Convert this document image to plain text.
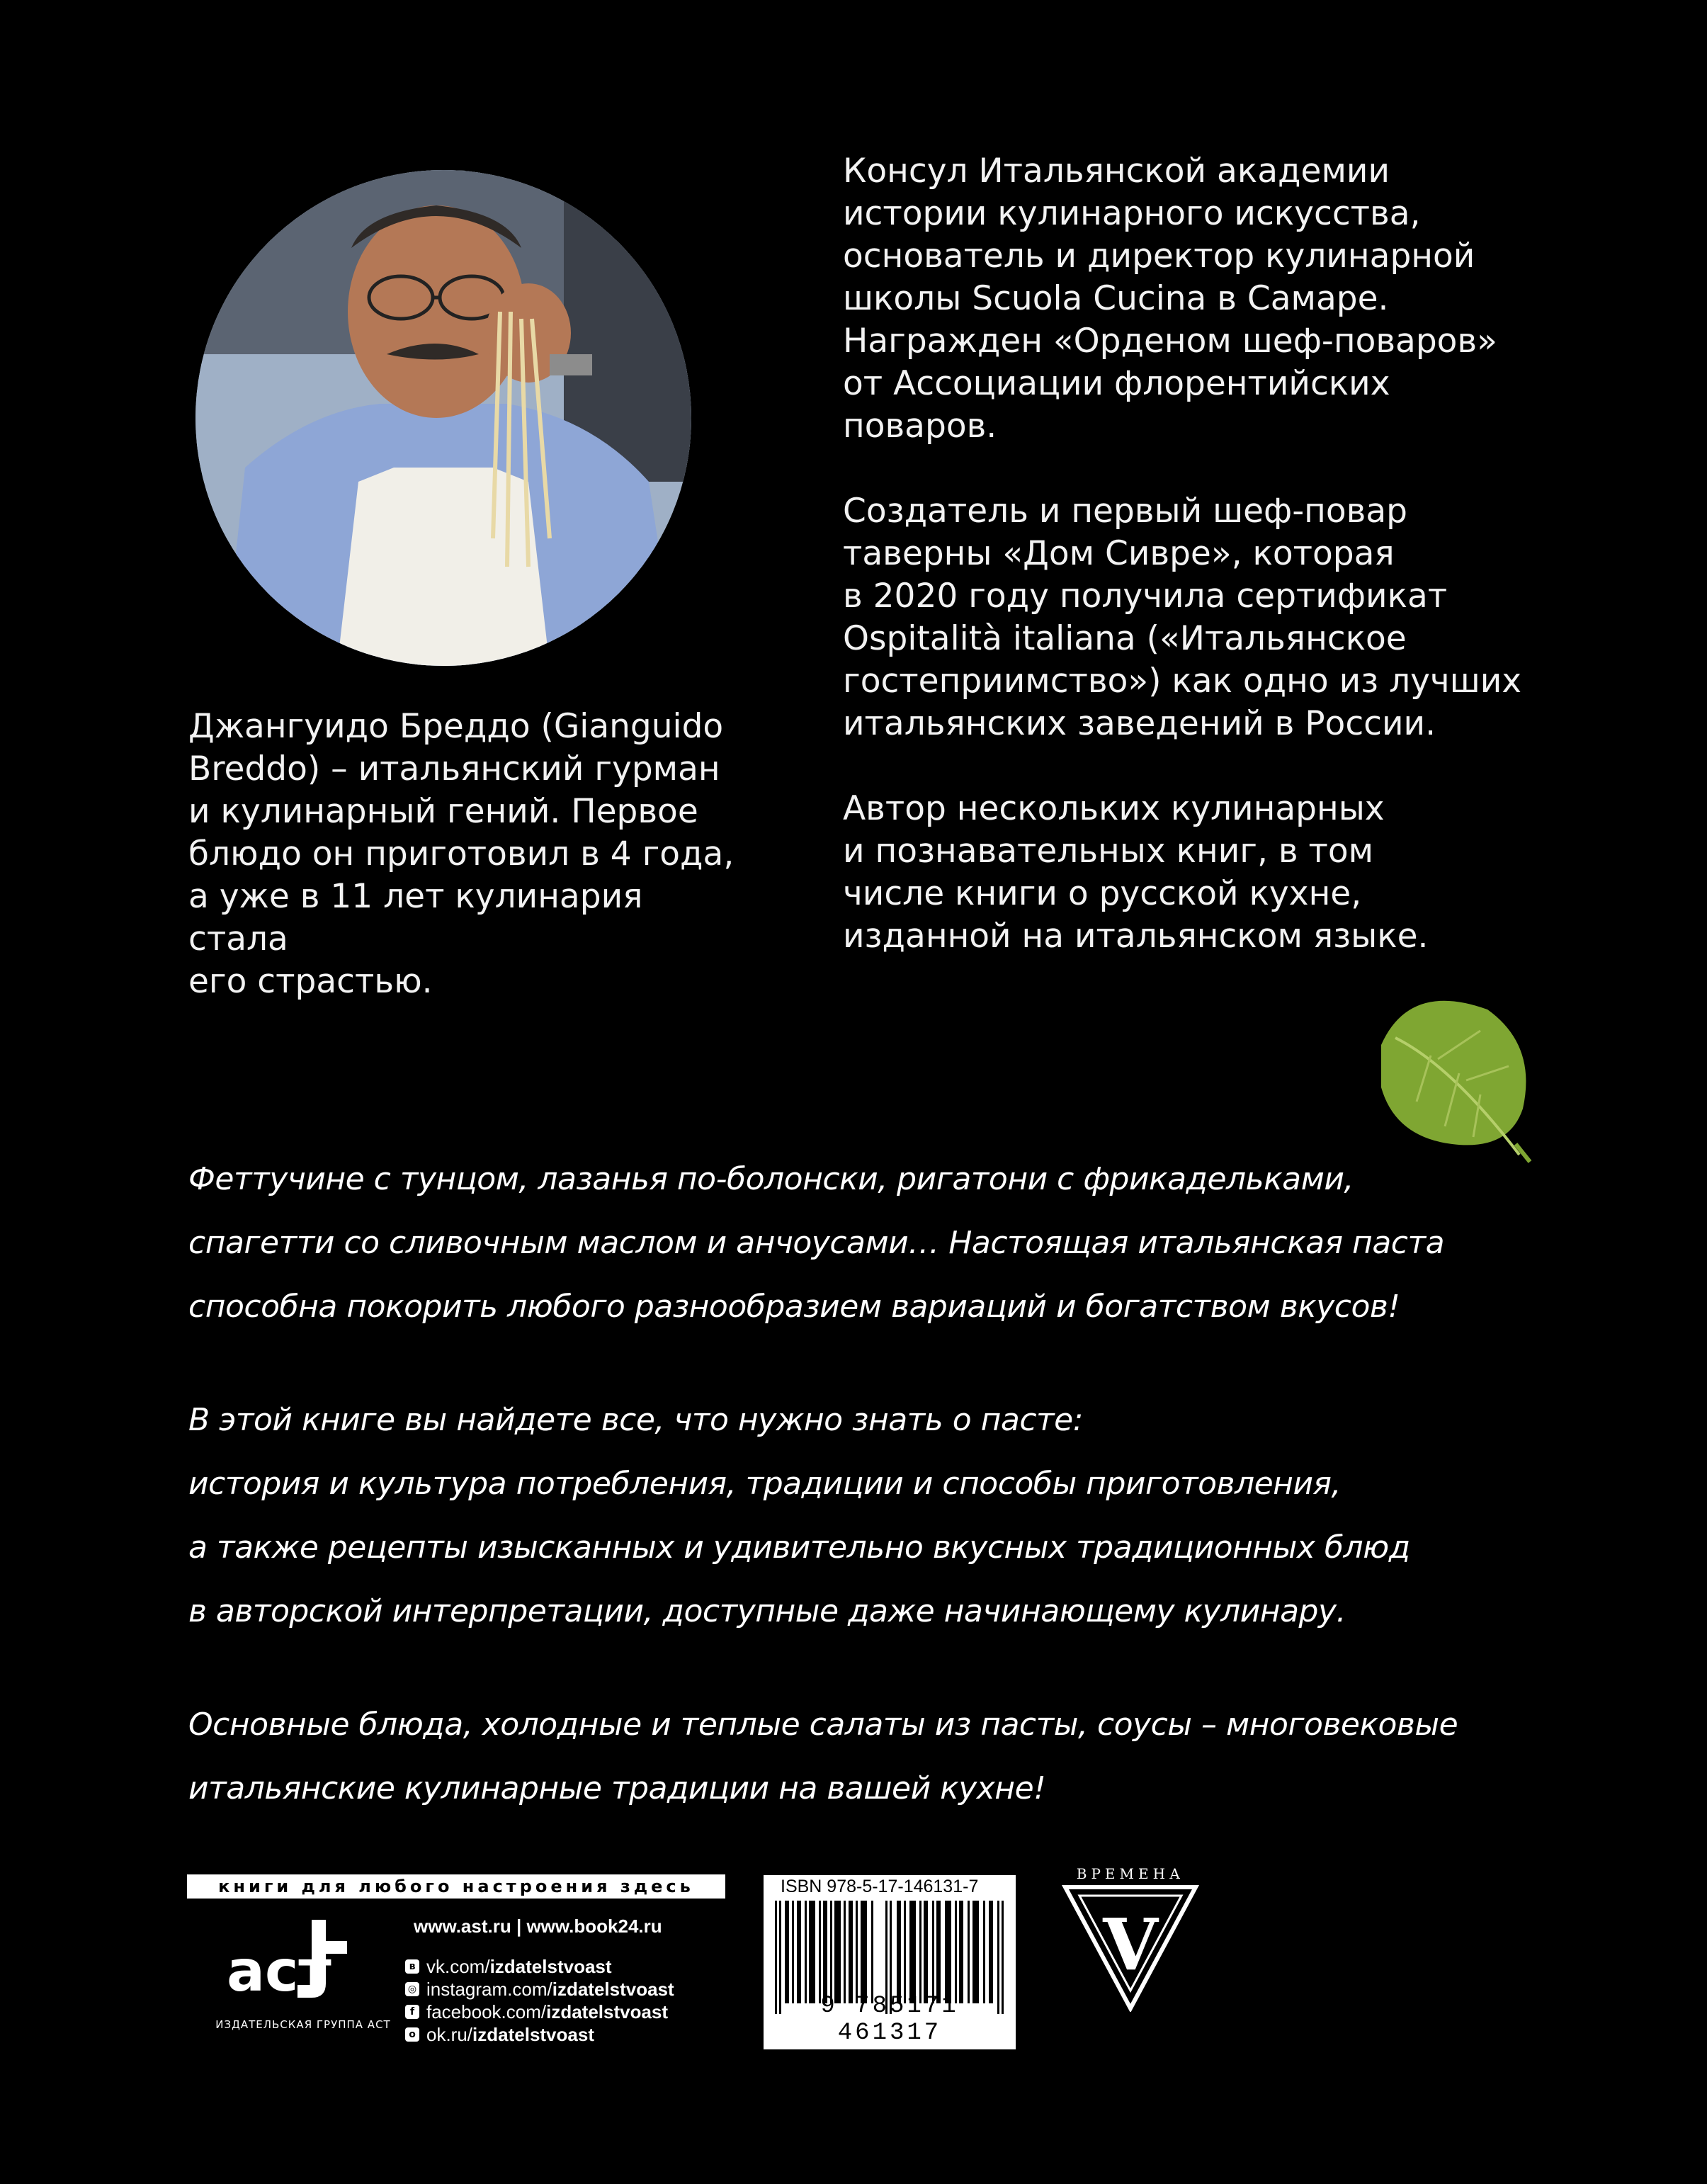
Джангуидо Бреддо (Gianguido
Breddo) – итальянский гурман
и кулинарный гений. Первое
блюдо он приготовил в 4 года,
а уже в 11 лет кулинария стала
его страстью.

Консул Итальянской академии
истории кулинарного искусства,
основатель и директор кулинарной
школы Scuola Cucina в Самаре.
Награжден «Орденом шеф-поваров»
от Ассоциации флорентийских
поваров.

Создатель и первый шеф-повар
таверны «Дом Сивре», которая
в 2020 году получила сертификат
Ospitalità italiana («Итальянское
гостеприимство») как одно из лучших
итальянских заведений в России.

Автор нескольких кулинарных
и познавательных книг, в том
числе книги о русской кухне,
изданной на итальянском языке.

Феттучине с тунцом, лазанья по-болонски, ригатони с фрикадельками,
спагетти со сливочным маслом и анчоусами… Настоящая итальянская паста
способна покорить любого разнообразием вариаций и богатством вкусов!

В этой книге вы найдете все, что нужно знать о пасте:
история и культура потребления, традиции и способы приготовления,
а также рецепты изысканных и удивительно вкусных традиционных блюд
в авторской интерпретации, доступные даже начинающему кулинару.

Основные блюда, холодные и теплые салаты из пасты, соусы – многовековые
итальянские кулинарные традиции на вашей кухне!

книги для любого настроения здесь
аст
ИЗДАТЕЛЬСКАЯ ГРУППА АСТ
www.ast.ru | www.book24.ru
в vk.com/izdatelstvoast
◎ instagram.com/izdatelstvoast
f facebook.com/izdatelstvoast
о ok.ru/izdatelstvoast
ISBN 978-5-17-146131-7
9 785171 461317
ВРЕМЕНА
V
